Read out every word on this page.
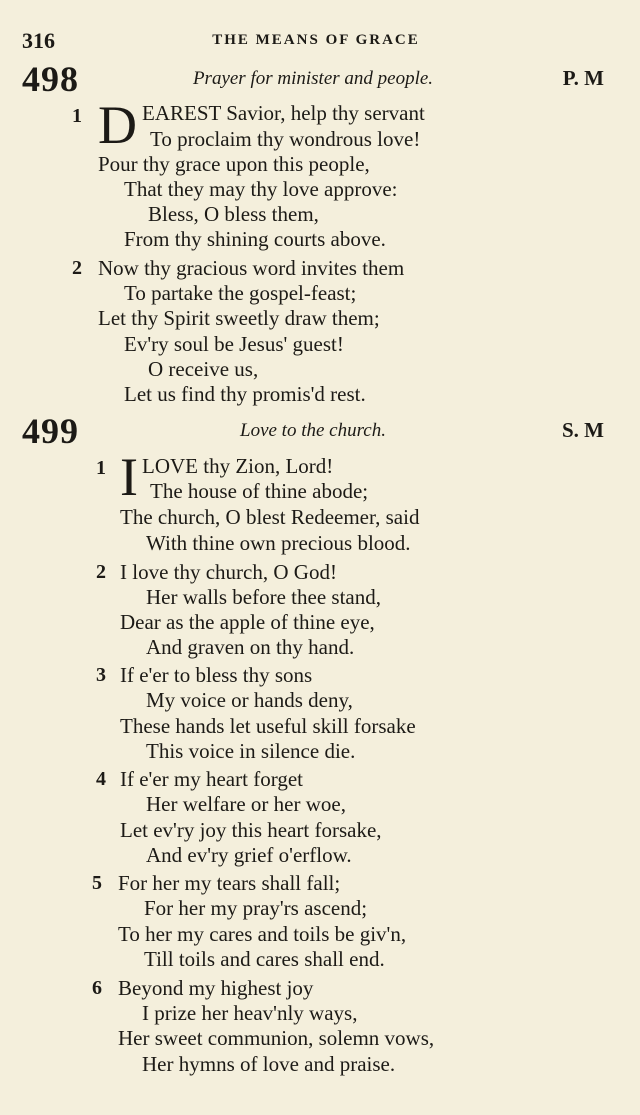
316	THE MEANS OF GRACE
498	Prayer for minister and people.	P. M
1 D EAREST Savior, help thy servant
To proclaim thy wondrous love!
Pour thy grace upon this people,
That they may thy love approve:
Bless, O bless them,
From thy shining courts above.
2 Now thy gracious word invites them
To partake the gospel-feast;
Let thy Spirit sweetly draw them;
Ev'ry soul be Jesus' guest!
O receive us,
Let us find thy promis'd rest.
499	Love to the church.	S. M
1 I LOVE thy Zion, Lord!
The house of thine abode;
The church, O blest Redeemer, said
With thine own precious blood.
2 I love thy church, O God!
Her walls before thee stand,
Dear as the apple of thine eye,
And graven on thy hand.
3 If e'er to bless thy sons
My voice or hands deny,
These hands let useful skill forsake
This voice in silence die.
4 If e'er my heart forget
Her welfare or her woe,
Let ev'ry joy this heart forsake,
And ev'ry grief o'erflow.
5 For her my tears shall fall;
For her my pray'rs ascend;
To her my cares and toils be giv'n,
Till toils and cares shall end.
6 Beyond my highest joy
I prize her heav'nly ways,
Her sweet communion, solemn vows,
Her hymns of love and praise.
